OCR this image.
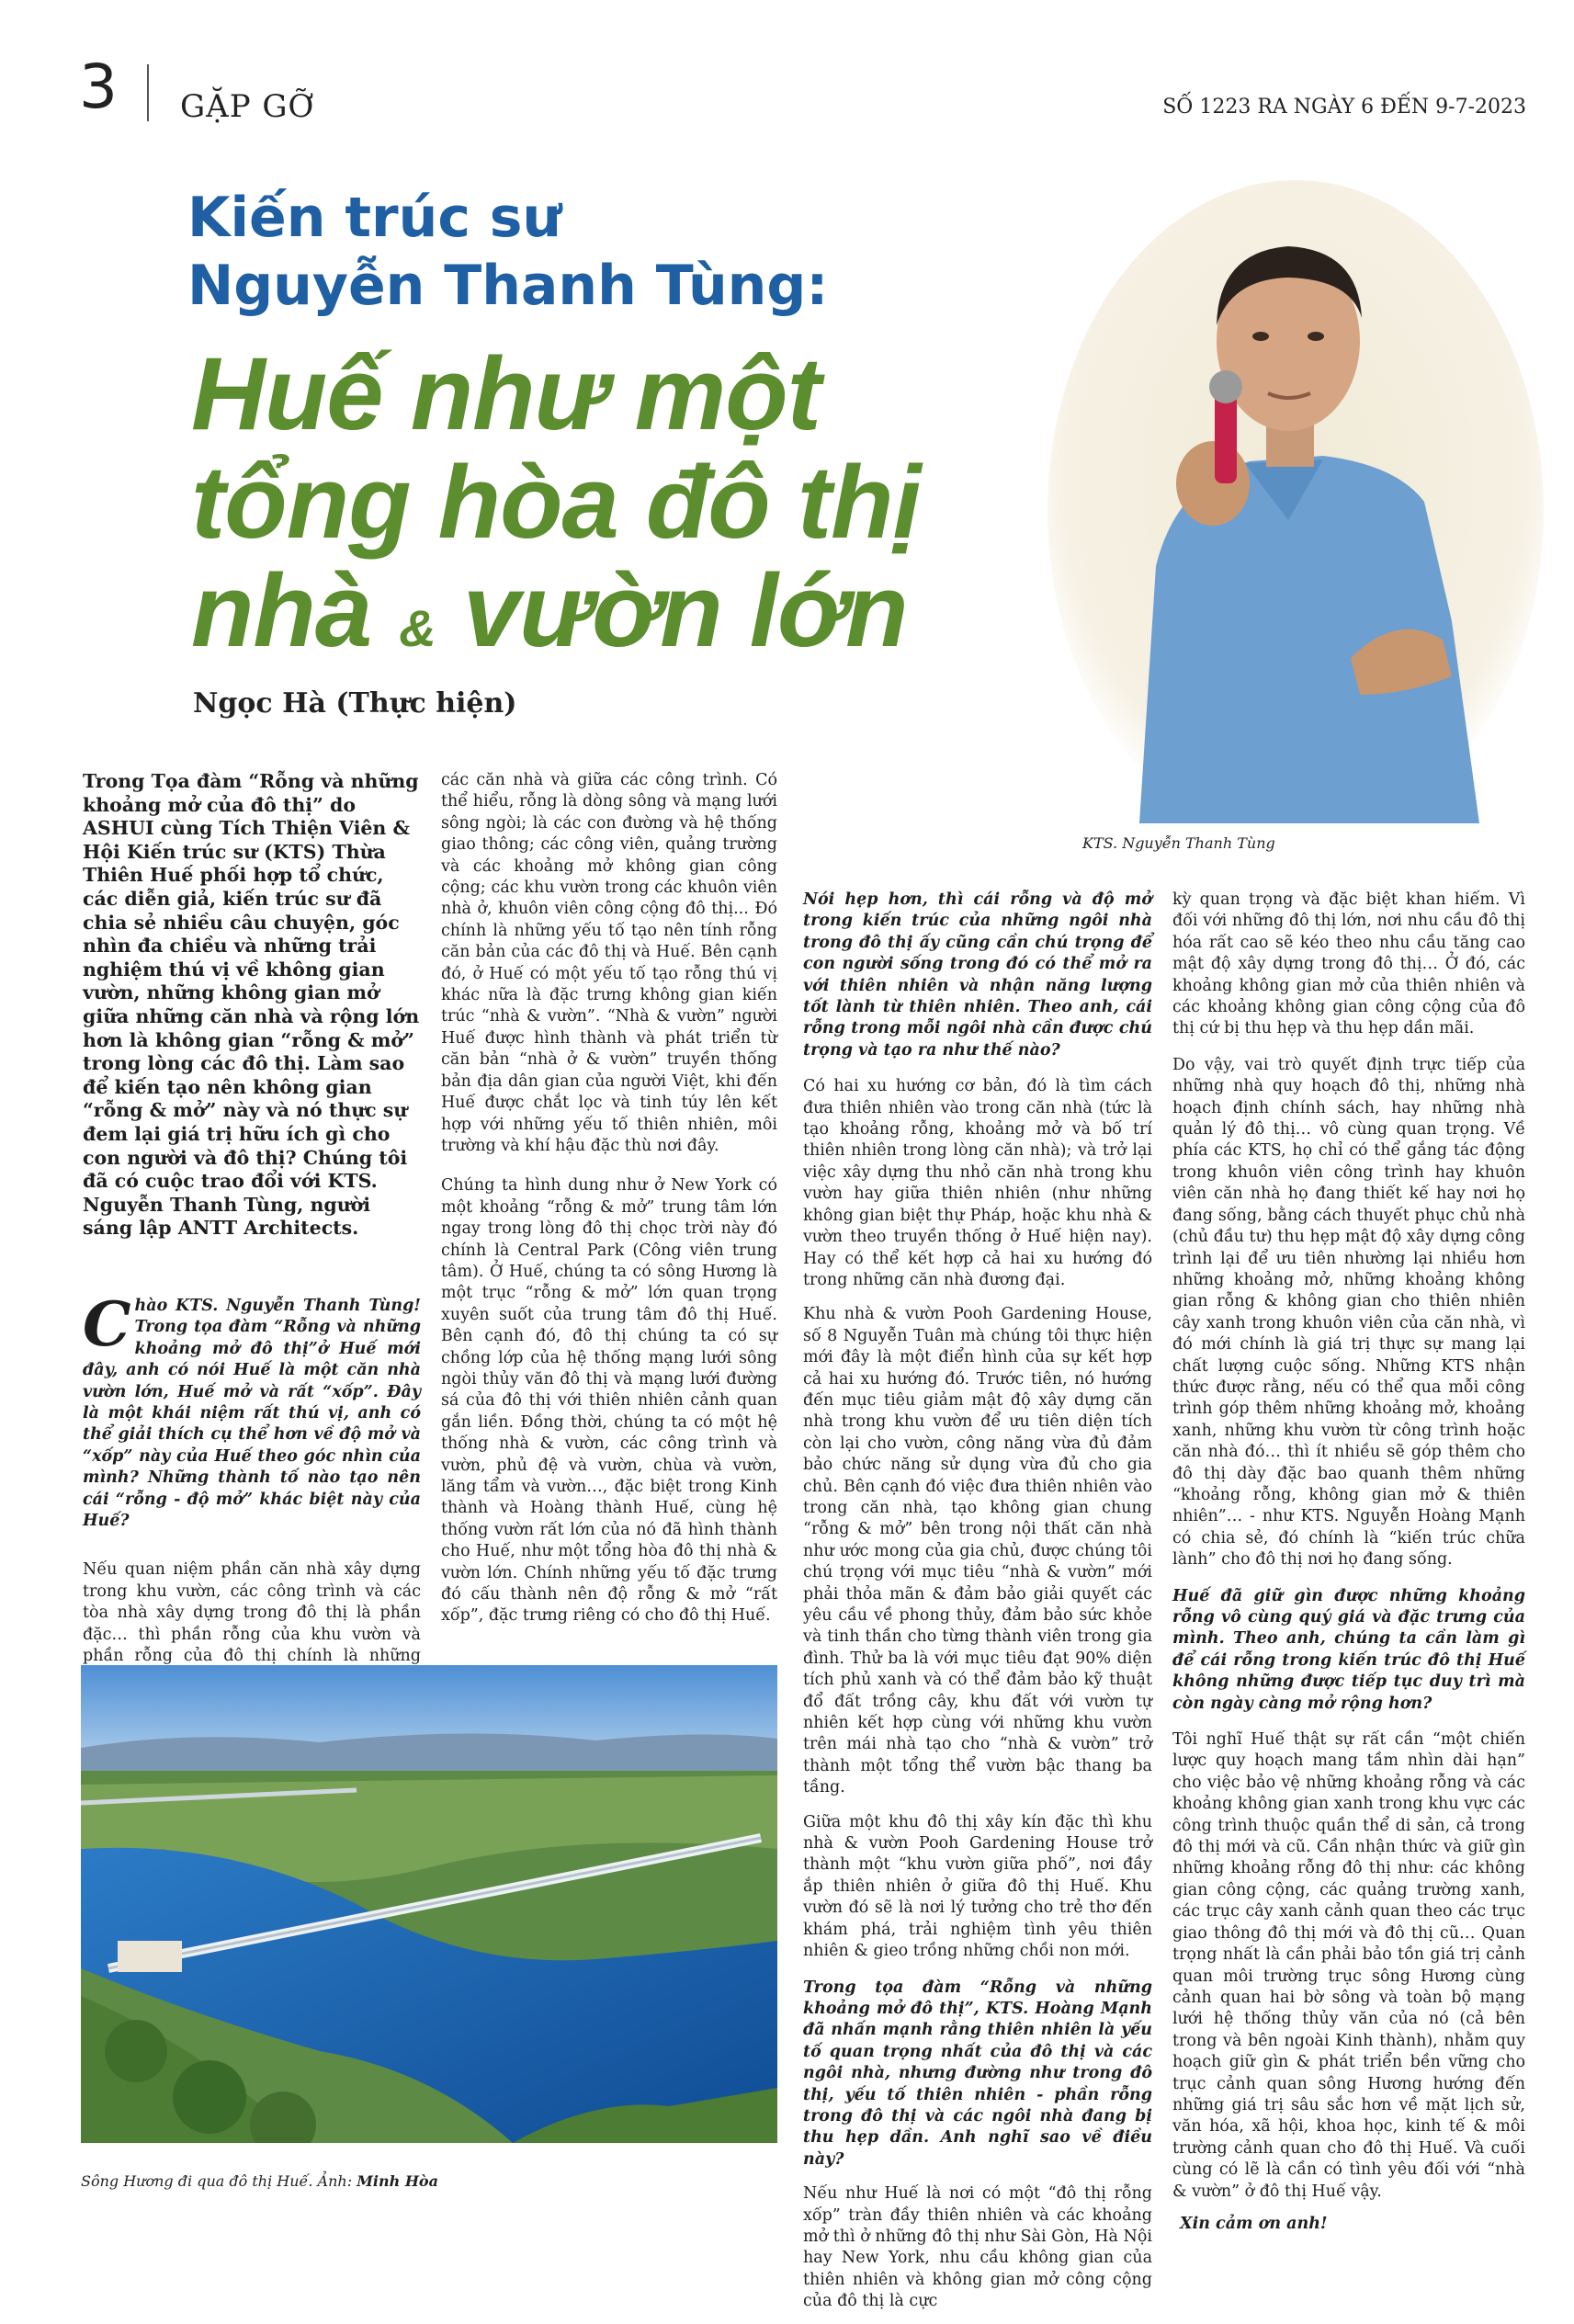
3 GẶP GỠ	SỐ 1223 RA NGÀY 6 ĐẾN 9-7-2023
Kiến trúc sư
Nguyễn Thanh Tùng:
Huế như một
tổng hòa đô thị
nhà & vườn lớn
Ngọc Hà (Thực hiện)
KTS. Nguyễn Thanh Tùng

Trong Tọa đàm “Rỗng và những khoảng mở của đô thị” do ASHUI cùng Tích Thiện Viên & Hội Kiến trúc sư (KTS) Thừa Thiên Huế phối hợp tổ chức, các diễn giả, kiến trúc sư đã chia sẻ nhiều câu chuyện, góc nhìn đa chiều và những trải nghiệm thú vị về không gian vườn, những không gian mở giữa những căn nhà và rộng lớn hơn là không gian “rỗng & mở” trong lòng các đô thị. Làm sao để kiến tạo nên không gian “rỗng & mở” này và nó thực sự đem lại giá trị hữu ích gì cho con người và đô thị? Chúng tôi đã có cuộc trao đổi với KTS. Nguyễn Thanh Tùng, người sáng lập ANTT Architects.

Chào KTS. Nguyễn Thanh Tùng! Trong tọa đàm “Rỗng và những khoảng mở đô thị”ở Huế mới đây, anh có nói Huế là một căn nhà vườn lớn, Huế mở và rất “xốp”. Đây là một khái niệm rất thú vị, anh có thể giải thích cụ thể hơn về độ mở và “xốp” này của Huế theo góc nhìn của mình? Những thành tố nào tạo nên cái “rỗng - độ mở” khác biệt này của Huế?

Nếu quan niệm phần căn nhà xây dựng trong khu vườn, các công trình và các tòa nhà xây dựng trong đô thị là phần đặc… thì phần rỗng của khu vườn và phần rỗng của đô thị chính là những

các căn nhà và giữa các công trình. Có thể hiểu, rỗng là dòng sông và mạng lưới sông ngòi; là các con đường và hệ thống giao thông; các công viên, quảng trường và các khoảng mở không gian công cộng; các khu vườn trong các khuôn viên nhà ở, khuôn viên công cộng đô thị... Đó chính là những yếu tố tạo nên tính rỗng căn bản của các đô thị và Huế. Bên cạnh đó, ở Huế có một yếu tố tạo rỗng thú vị khác nữa là đặc trưng không gian kiến trúc “nhà & vườn”. “Nhà & vườn” người Huế được hình thành và phát triển từ căn bản “nhà ở & vườn” truyền thống bản địa dân gian của người Việt, khi đến Huế được chắt lọc và tinh túy lên kết hợp với những yếu tố thiên nhiên, môi trường và khí hậu đặc thù nơi đây.

Chúng ta hình dung như ở New York có một khoảng “rỗng & mở” trung tâm lớn ngay trong lòng đô thị chọc trời này đó chính là Central Park (Công viên trung tâm). Ở Huế, chúng ta có sông Hương là một trục “rỗng & mở” lớn quan trọng xuyên suốt của trung tâm đô thị Huế. Bên cạnh đó, đô thị chúng ta có sự chồng lớp của hệ thống mạng lưới sông ngòi thủy văn đô thị và mạng lưới đường sá của đô thị với thiên nhiên cảnh quan gắn liền. Đồng thời, chúng ta có một hệ thống nhà & vườn, các công trình và vườn, phủ đệ và vườn, chùa và vườn, lăng tẩm và vườn…, đặc biệt trong Kinh thành và Hoàng thành Huế, cùng hệ thống vườn rất lớn của nó đã hình thành cho Huế, như một tổng hòa đô thị nhà & vườn lớn. Chính những yếu tố đặc trưng đó cấu thành nên độ rỗng & mở “rất xốp”, đặc trưng riêng có cho đô thị Huế.

Sông Hương đi qua đô thị Huế. Ảnh: Minh Hòa

Nói hẹp hơn, thì cái rỗng và độ mở trong kiến trúc của những ngôi nhà trong đô thị ấy cũng cần chú trọng để con người sống trong đó có thể mở ra với thiên nhiên và nhận năng lượng tốt lành từ thiên nhiên. Theo anh, cái rỗng trong mỗi ngôi nhà cần được chú trọng và tạo ra như thế nào?

Có hai xu hướng cơ bản, đó là tìm cách đưa thiên nhiên vào trong căn nhà (tức là tạo khoảng rỗng, khoảng mở và bố trí thiên nhiên trong lòng căn nhà); và trở lại việc xây dựng thu nhỏ căn nhà trong khu vườn hay giữa thiên nhiên (như những không gian biệt thự Pháp, hoặc khu nhà & vườn theo truyền thống ở Huế hiện nay). Hay có thể kết hợp cả hai xu hướng đó trong những căn nhà đương đại.

Khu nhà & vườn Pooh Gardening House, số 8 Nguyễn Tuân mà chúng tôi thực hiện mới đây là một điển hình của sự kết hợp cả hai xu hướng đó. Trước tiên, nó hướng đến mục tiêu giảm mật độ xây dựng căn nhà trong khu vườn để ưu tiên diện tích còn lại cho vườn, công năng vừa đủ đảm bảo chức năng sử dụng vừa đủ cho gia chủ. Bên cạnh đó việc đưa thiên nhiên vào trong căn nhà, tạo không gian chung “rỗng & mở” bên trong nội thất căn nhà như ước mong của gia chủ, được chúng tôi chú trọng với mục tiêu “nhà & vườn” mới phải thỏa mãn & đảm bảo giải quyết các yêu cầu về phong thủy, đảm bảo sức khỏe và tinh thần cho từng thành viên trong gia đình. Thử ba là với mục tiêu đạt 90% diện tích phủ xanh và có thể đảm bảo kỹ thuật đổ đất trồng cây, khu đất với vườn tự nhiên kết hợp cùng với những khu vườn trên mái nhà tạo cho “nhà & vườn” trở thành một tổng thể vườn bậc thang ba tầng.

Giữa một khu đô thị xây kín đặc thì khu nhà & vườn Pooh Gardening House trở thành một “khu vườn giữa phố”, nơi đầy ắp thiên nhiên ở giữa đô thị Huế. Khu vườn đó sẽ là nơi lý tưởng cho trẻ thơ đến khám phá, trải nghiệm tình yêu thiên nhiên & gieo trồng những chồi non mới.

Trong tọa đàm “Rỗng và những khoảng mở đô thị”, KTS. Hoàng Mạnh đã nhấn mạnh rằng thiên nhiên là yếu tố quan trọng nhất của đô thị và các ngôi nhà, nhưng đường như trong đô thị, yếu tố thiên nhiên - phần rỗng trong đô thị và các ngôi nhà đang bị thu hẹp dần. Anh nghĩ sao về điều này?

Nếu như Huế là nơi có một “đô thị rỗng xốp” tràn đầy thiên nhiên và các khoảng mở thì ở những đô thị như Sài Gòn, Hà Nội hay New York, nhu cầu không gian của thiên nhiên và không gian mở công cộng của đô thị là cực

kỳ quan trọng và đặc biệt khan hiếm. Vì đối với những đô thị lớn, nơi nhu cầu đô thị hóa rất cao sẽ kéo theo nhu cầu tăng cao mật độ xây dựng trong đô thị… Ở đó, các khoảng không gian mở của thiên nhiên và các khoảng không gian công cộng của đô thị cứ bị thu hẹp và thu hẹp dần mãi.

Do vậy, vai trò quyết định trực tiếp của những nhà quy hoạch đô thị, những nhà hoạch định chính sách, hay những nhà quản lý đô thị… vô cùng quan trọng. Về phía các KTS, họ chỉ có thể gắng tác động trong khuôn viên công trình hay khuôn viên căn nhà họ đang thiết kế hay nơi họ đang sống, bằng cách thuyết phục chủ nhà (chủ đầu tư) thu hẹp mật độ xây dựng công trình lại để ưu tiên nhường lại nhiều hơn những khoảng mở, những khoảng không gian rỗng & không gian cho thiên nhiên cây xanh trong khuôn viên của căn nhà, vì đó mới chính là giá trị thực sự mang lại chất lượng cuộc sống. Những KTS nhận thức được rằng, nếu có thể qua mỗi công trình góp thêm những khoảng mở, khoảng xanh, những khu vườn từ công trình hoặc căn nhà đó… thì ít nhiều sẽ góp thêm cho đô thị dày đặc bao quanh thêm những “khoảng rỗng, không gian mở & thiên nhiên”… - như KTS. Nguyễn Hoàng Mạnh có chia sẻ, đó chính là “kiến trúc chữa lành” cho đô thị nơi họ đang sống.

Huế đã giữ gìn được những khoảng rỗng vô cùng quý giá và đặc trưng của mình. Theo anh, chúng ta cần làm gì để cái rỗng trong kiến trúc đô thị Huế không những được tiếp tục duy trì mà còn ngày càng mở rộng hơn?

Tôi nghĩ Huế thật sự rất cần “một chiến lược quy hoạch mang tầm nhìn dài hạn” cho việc bảo vệ những khoảng rỗng và các khoảng không gian xanh trong khu vực các công trình thuộc quần thể di sản, cả trong đô thị mới và cũ. Cần nhận thức và giữ gìn những khoảng rỗng đô thị như: các không gian công cộng, các quảng trường xanh, các trục cây xanh cảnh quan theo các trục giao thông đô thị mới và đô thị cũ… Quan trọng nhất là cần phải bảo tồn giá trị cảnh quan môi trường trục sông Hương cùng cảnh quan hai bờ sông và toàn bộ mạng lưới hệ thống thủy văn của nó (cả bên trong và bên ngoài Kinh thành), nhằm quy hoạch giữ gìn & phát triển bền vững cho trục cảnh quan sông Hương hướng đến những giá trị sâu sắc hơn về mặt lịch sử, văn hóa, xã hội, khoa học, kinh tế & môi trường cảnh quan cho đô thị Huế. Và cuối cùng có lẽ là cần có tình yêu đối với “nhà & vườn” ở đô thị Huế vậy.

Xin cảm ơn anh!
